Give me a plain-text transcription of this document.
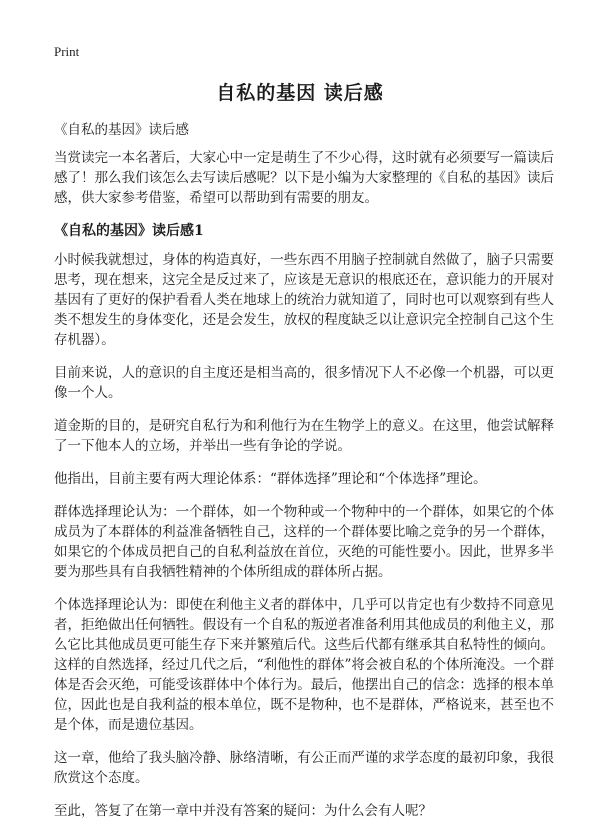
Print
自私的基因 读后感

《自私的基因》读后感

当赏读完一本名著后，大家心中一定是萌生了不少心得，这时就有必须要写一篇读后感了！那么我们该怎么去写读后感呢？以下是小编为大家整理的《自私的基因》读后感，供大家参考借鉴，希望可以帮助到有需要的朋友。

《自私的基因》读后感1

小时候我就想过，身体的构造真好，一些东西不用脑子控制就自然做了，脑子只需要思考，现在想来，这完全是反过来了，应该是无意识的根底还在，意识能力的开展对基因有了更好的保护看看人类在地球上的统治力就知道了，同时也可以观察到有些人类不想发生的身体变化，还是会发生，放权的程度缺乏以让意识完全控制自己这个生存机器）。

目前来说，人的意识的自主度还是相当高的，很多情况下人不必像一个机器，可以更像一个人。

道金斯的目的，是研究自私行为和利他行为在生物学上的意义。在这里，他尝试解释了一下他本人的立场，并举出一些有争论的学说。

他指出，目前主要有两大理论体系：“群体选择”理论和“个体选择”理论。

群体选择理论认为：一个群体，如一个物种或一个物种中的一个群体，如果它的个体成员为了本群体的利益准备牺牲自己，这样的一个群体要比喻之竞争的另一个群体，如果它的个体成员把自己的自私利益放在首位，灭绝的可能性要小。因此，世界多半要为那些具有自我牺牲精神的个体所组成的群体所占据。

个体选择理论认为：即使在利他主义者的群体中，几乎可以肯定也有少数持不同意见者，拒绝做出任何牺牲。假设有一个自私的叛逆者准备利用其他成员的利他主义，那么它比其他成员更可能生存下来并繁殖后代。这些后代都有继承其自私特性的倾向。这样的自然选择，经过几代之后，“利他性的群体”将会被自私的个体所淹没。一个群体是否会灭绝，可能受该群体中个体行为。最后，他摆出自己的信念：选择的根本单位，因此也是自我利益的根本单位，既不是物种，也不是群体，严格说来，甚至也不是个体，而是遗位基因。

这一章，他给了我头脑冷静、脉络清晰，有公正而严谨的求学态度的最初印象，我很欣赏这个态度。

至此，答复了在第一章中并没有答案的疑问：为什么会有人呢？
